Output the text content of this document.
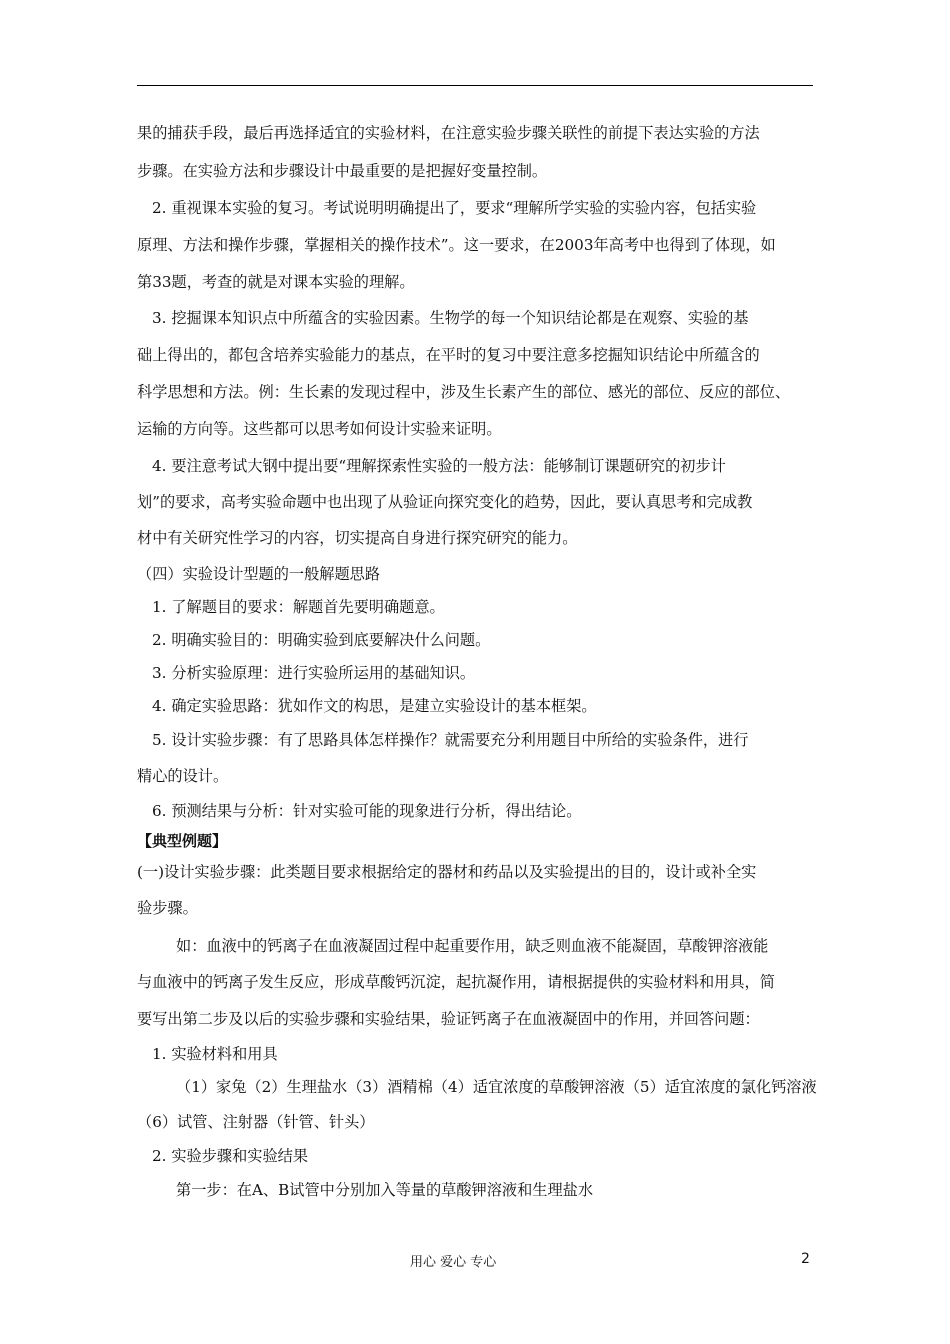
果的捕获手段，最后再选择适宜的实验材料，在注意实验步骤关联性的前提下表达实验的方法
步骤。在实验方法和步骤设计中最重要的是把握好变量控制。
2. 重视课本实验的复习。考试说明明确提出了，要求“理解所学实验的实验内容，包括实验
原理、方法和操作步骤，掌握相关的操作技术”。这一要求，在2003年高考中也得到了体现，如
第33题，考查的就是对课本实验的理解。
3. 挖掘课本知识点中所蕴含的实验因素。生物学的每一个知识结论都是在观察、实验的基
础上得出的，都包含培养实验能力的基点，在平时的复习中要注意多挖掘知识结论中所蕴含的
科学思想和方法。例：生长素的发现过程中，涉及生长素产生的部位、感光的部位、反应的部位、
运输的方向等。这些都可以思考如何设计实验来证明。
4. 要注意考试大钢中提出要“理解探索性实验的一般方法：能够制订课题研究的初步计
划”的要求，高考实验命题中也出现了从验证向探究变化的趋势，因此，要认真思考和完成教
材中有关研究性学习的内容，切实提高自身进行探究研究的能力。
（四）实验设计型题的一般解题思路
1. 了解题目的要求：解题首先要明确题意。
2. 明确实验目的：明确实验到底要解决什么问题。
3. 分析实验原理：进行实验所运用的基础知识。
4. 确定实验思路：犹如作文的构思，是建立实验设计的基本框架。
5. 设计实验步骤：有了思路具体怎样操作？就需要充分利用题目中所给的实验条件，进行
精心的设计。
6. 预测结果与分析：针对实验可能的现象进行分析，得出结论。
【典型例题】
(一)设计实验步骤：此类题目要求根据给定的器材和药品以及实验提出的目的，设计或补全实
验步骤。
如：血液中的钙离子在血液凝固过程中起重要作用，缺乏则血液不能凝固，草酸钾溶液能
与血液中的钙离子发生反应，形成草酸钙沉淀，起抗凝作用，请根据提供的实验材料和用具，简
要写出第二步及以后的实验步骤和实验结果，验证钙离子在血液凝固中的作用，并回答问题：
1. 实验材料和用具
（1）家兔（2）生理盐水（3）酒精棉（4）适宜浓度的草酸钾溶液（5）适宜浓度的氯化钙溶液
（6）试管、注射器（针管、针头）
2. 实验步骤和实验结果
第一步：在A、B试管中分别加入等量的草酸钾溶液和生理盐水
用心 爱心 专心	2
